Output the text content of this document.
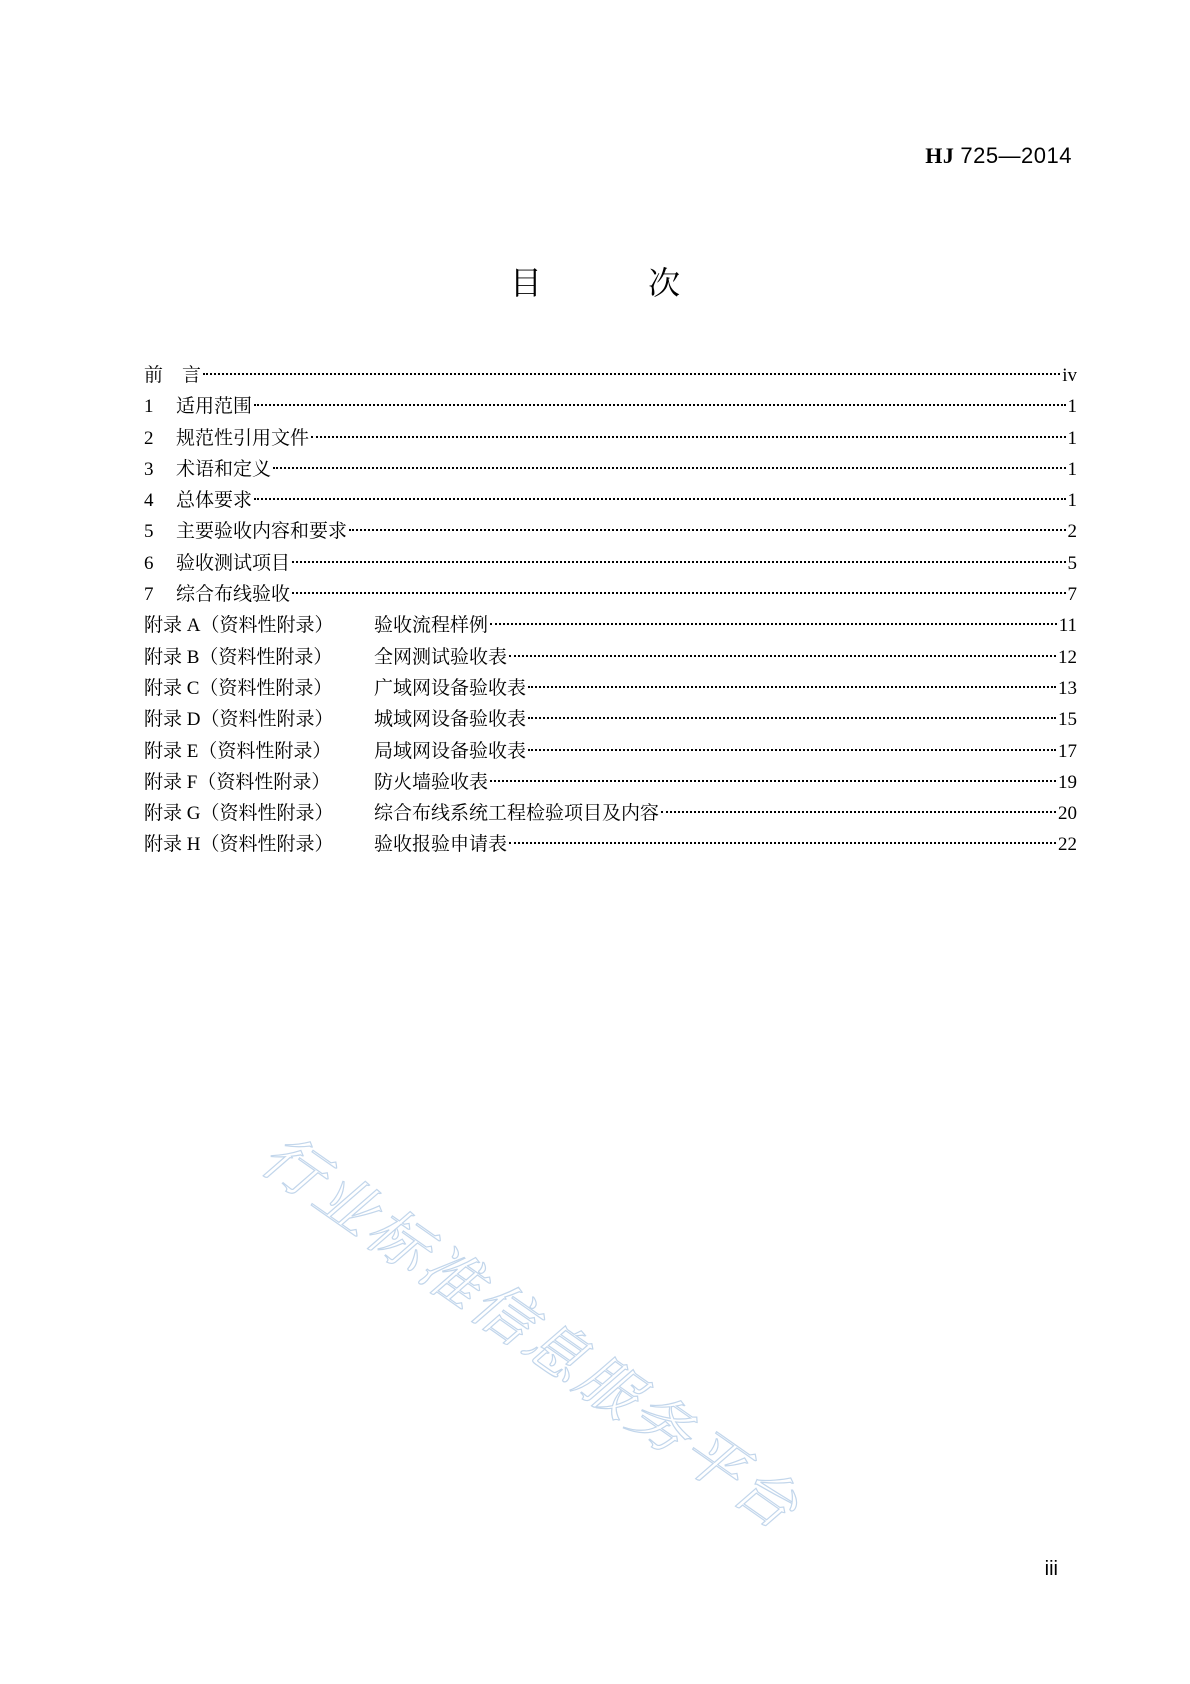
HJ 725—2014
目 次
前　言	iv
1	适用范围	1
2	规范性引用文件	1
3	术语和定义	1
4	总体要求	1
5	主要验收内容和要求	2
6	验收测试项目	5
7	综合布线验收	7
附录 A（资料性附录）	验收流程样例	11
附录 B（资料性附录）	全网测试验收表	12
附录 C（资料性附录）	广域网设备验收表	13
附录 D（资料性附录）	城域网设备验收表	15
附录 E（资料性附录）	局域网设备验收表	17
附录 F（资料性附录）	防火墙验收表	19
附录 G（资料性附录）	综合布线系统工程检验项目及内容	20
附录 H（资料性附录）	验收报验申请表	22
行业标准信息服务平台
iii
